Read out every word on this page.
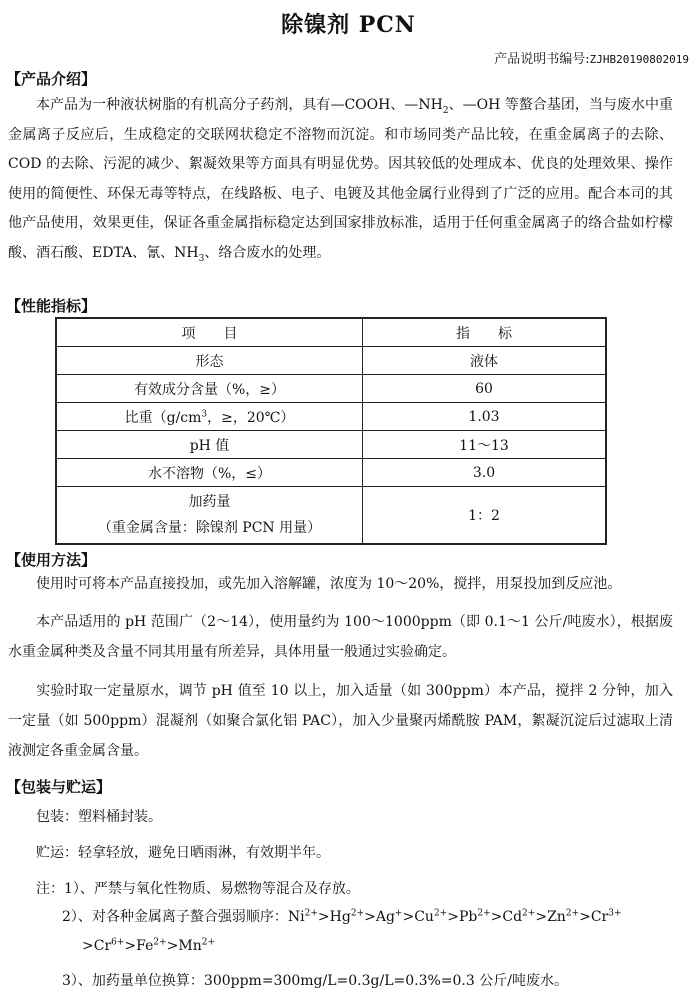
除镍剂 PCN
产品说明书编号:ZJHB20190802019
【产品介绍】
本产品为一种液状树脂的有机高分子药剂，具有—COOH、$—NH_2$、—OH 等螯合基团，当与废水中重金属离子反应后，生成稳定的交联网状稳定不溶物而沉淀。和市场同类产品比较，在重金属离子的去除、COD 的去除、污泥的减少、絮凝效果等方面具有明显优势。因其较低的处理成本、优良的处理效果、操作使用的简便性、环保无毒等特点，在线路板、电子、电镀及其他金属行业得到了广泛的应用。配合本司的其他产品使用，效果更佳，保证各重金属指标稳定达到国家排放标准，适用于任何重金属离子的络合盐如柠檬酸、酒石酸、EDTA、氰、$NH_3$、络合废水的处理。
【性能指标】
项　　目	指　　标
形态	液体
有效成分含量（%，≥）	60
比重（$g/cm^3$，≥，20℃）	1.03
pH 值	11～13
水不溶物（%，≤）	3.0

加药量
（重金属含量：除镍剂 PCN 用量）	1：2
【使用方法】
使用时可将本产品直接投加，或先加入溶解罐，浓度为 10～20%，搅拌，用泵投加到反应池。
本产品适用的 pH 范围广（2～14），使用量约为 100～1000ppm（即 0.1～1 公斤/吨废水），根据废水重金属种类及含量不同其用量有所差异，具体用量一般通过实验确定。
实验时取一定量原水，调节 pH 值至 10 以上，加入适量（如 300ppm）本产品，搅拌 2 分钟，加入一定量（如 500ppm）混凝剂（如聚合氯化铝 PAC），加入少量聚丙烯酰胺 PAM，絮凝沉淀后过滤取上清液测定各重金属含量。
【包装与贮运】
包装：塑料桶封装。
贮运：轻拿轻放，避免日晒雨淋，有效期半年。
注：1）、严禁与氧化性物质、易燃物等混合及存放。
2）、对各种金属离子螯合强弱顺序：$Ni^{2+}>Hg^{2+}>Ag^+>Cu^{2+}>Pb^{2+}>Cd^{2+}>Zn^{2+}>Cr^{3+}$
$>Cr^{6+}>Fe^{2+}>Mn^{2+}$
3）、加药量单位换算：300ppm=300mg/L=0.3g/L=0.3%=0.3 公斤/吨废水。
